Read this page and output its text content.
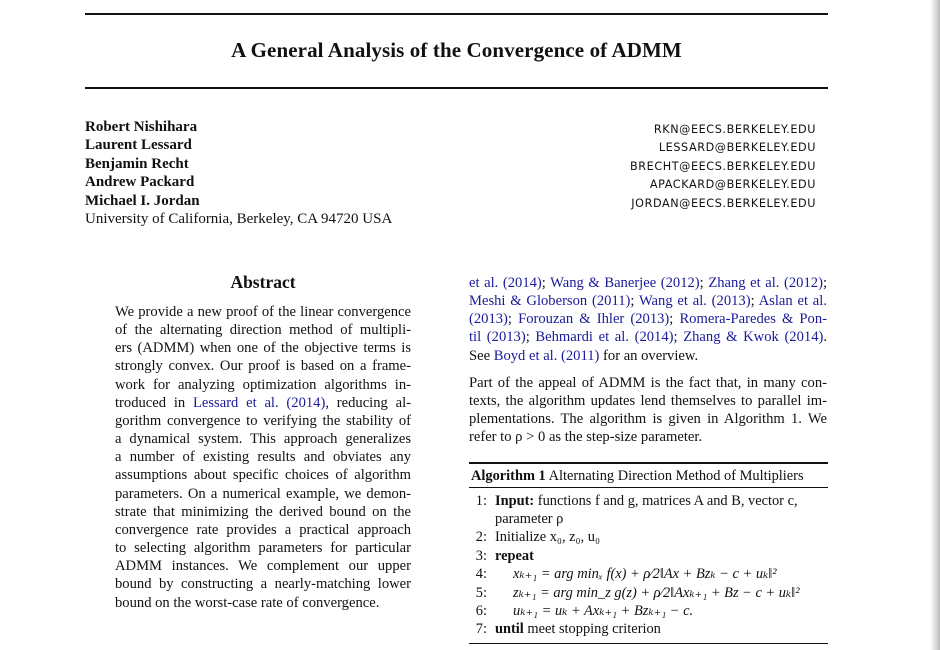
A General Analysis of the Convergence of ADMM
Robert Nishihara
Laurent Lessard
Benjamin Recht
Andrew Packard
Michael I. Jordan
University of California, Berkeley, CA 94720 USA
RKN@EECS.BERKELEY.EDU
LESSARD@BERKELEY.EDU
BRECHT@EECS.BERKELEY.EDU
APACKARD@BERKELEY.EDU
JORDAN@EECS.BERKELEY.EDU
Abstract
We provide a new proof of the linear convergence
of the alternating direction method of multipli-
ers (ADMM) when one of the objective terms is
strongly convex. Our proof is based on a frame-
work for analyzing optimization algorithms in-
troduced in Lessard et al. (2014), reducing al-
gorithm convergence to verifying the stability of
a dynamical system. This approach generalizes
a number of existing results and obviates any
assumptions about specific choices of algorithm
parameters. On a numerical example, we demon-
strate that minimizing the derived bound on the
convergence rate provides a practical approach
to selecting algorithm parameters for particular
ADMM instances. We complement our upper
bound by constructing a nearly-matching lower
bound on the worst-case rate of convergence.
et al. (2014); Wang & Banerjee (2012); Zhang et al. (2012);
Meshi & Globerson (2011); Wang et al. (2013); Aslan et al.
(2013); Forouzan & Ihler (2013); Romera-Paredes & Pon-
til (2013); Behmardi et al. (2014); Zhang & Kwok (2014).
See Boyd et al. (2011) for an overview.
Part of the appeal of ADMM is the fact that, in many con-
texts, the algorithm updates lend themselves to parallel im-
plementations. The algorithm is given in Algorithm 1. We
refer to ρ > 0 as the step-size parameter.
Algorithm 1 Alternating Direction Method of Multipliers
1: Input: functions f and g, matrices A and B, vector c,
parameter ρ
2: Initialize x₀, z₀, u₀
3: repeat
4: xₖ₊₁ = arg minₓ f(x) + ρ⁄2‖Ax + Bzₖ − c + uₖ‖²
5: zₖ₊₁ = arg min_z g(z) + ρ⁄2‖Axₖ₊₁ + Bz − c + uₖ‖²
6: uₖ₊₁ = uₖ + Axₖ₊₁ + Bzₖ₊₁ − c.
7: until meet stopping criterion
